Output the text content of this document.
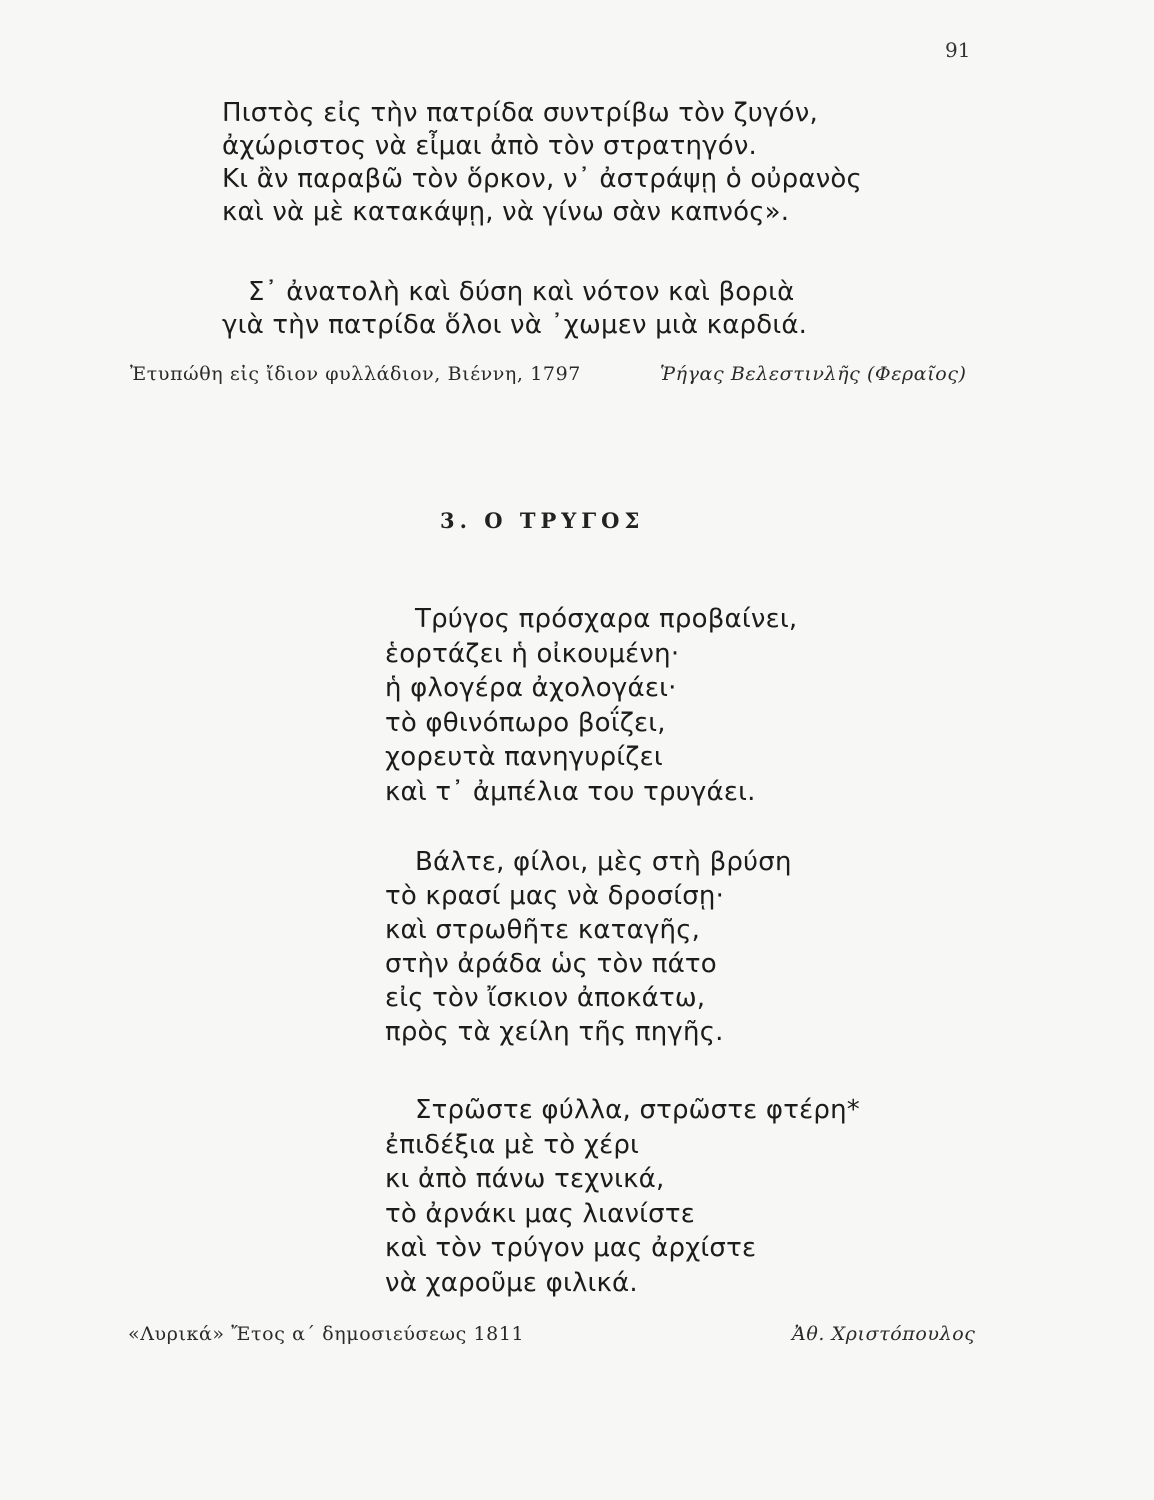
91
Πιστὸς εἰς τὴν πατρίδα συντρίβω τὸν ζυγόν,
ἀχώριστος νὰ εἶμαι ἀπὸ τὸν στρατηγόν.
Κι ἂν παραβῶ τὸν ὅρκον, ν᾿ ἀστράψῃ ὁ οὐρανὸς
καὶ νὰ μὲ κατακάψῃ, νὰ γίνω σὰν καπνός».
Σ᾿ ἀνατολὴ καὶ δύση καὶ νότον καὶ βοριὰ
γιὰ τὴν πατρίδα ὅλοι νὰ ᾽χωμεν μιὰ καρδιά.
Ἐτυπώθη εἰς ἴδιον φυλλάδιον, Βιέννη, 1797	Ῥήγας Βελεστινλῆς (Φεραῖος)
3. Ο ΤΡΥΓΟΣ
Τρύγος πρόσχαρα προβαίνει,
ἑορτάζει ἡ οἰκουμένη·
ἡ φλογέρα ἀχολογάει·
τὸ φθινόπωρο βοΐζει,
χορευτὰ πανηγυρίζει
καὶ τ᾿ ἀμπέλια του τρυγάει.
Βάλτε, φίλοι, μὲς στὴ βρύση
τὸ κρασί μας νὰ δροσίσῃ·
καὶ στρωθῆτε καταγῆς,
στὴν ἀράδα ὡς τὸν πάτο
εἰς τὸν ἴσκιον ἀποκάτω,
πρὸς τὰ χείλη τῆς πηγῆς.
Στρῶστε φύλλα, στρῶστε φτέρη*
ἐπιδέξια μὲ τὸ χέρι
κι ἀπὸ πάνω τεχνικά,
τὸ ἀρνάκι μας λιανίστε
καὶ τὸν τρύγον μας ἀρχίστε
νὰ χαροῦμε φιλικά.
«Λυρικά» Ἔτος α΄ δημοσιεύσεως 1811	Ἀθ. Χριστόπουλος
